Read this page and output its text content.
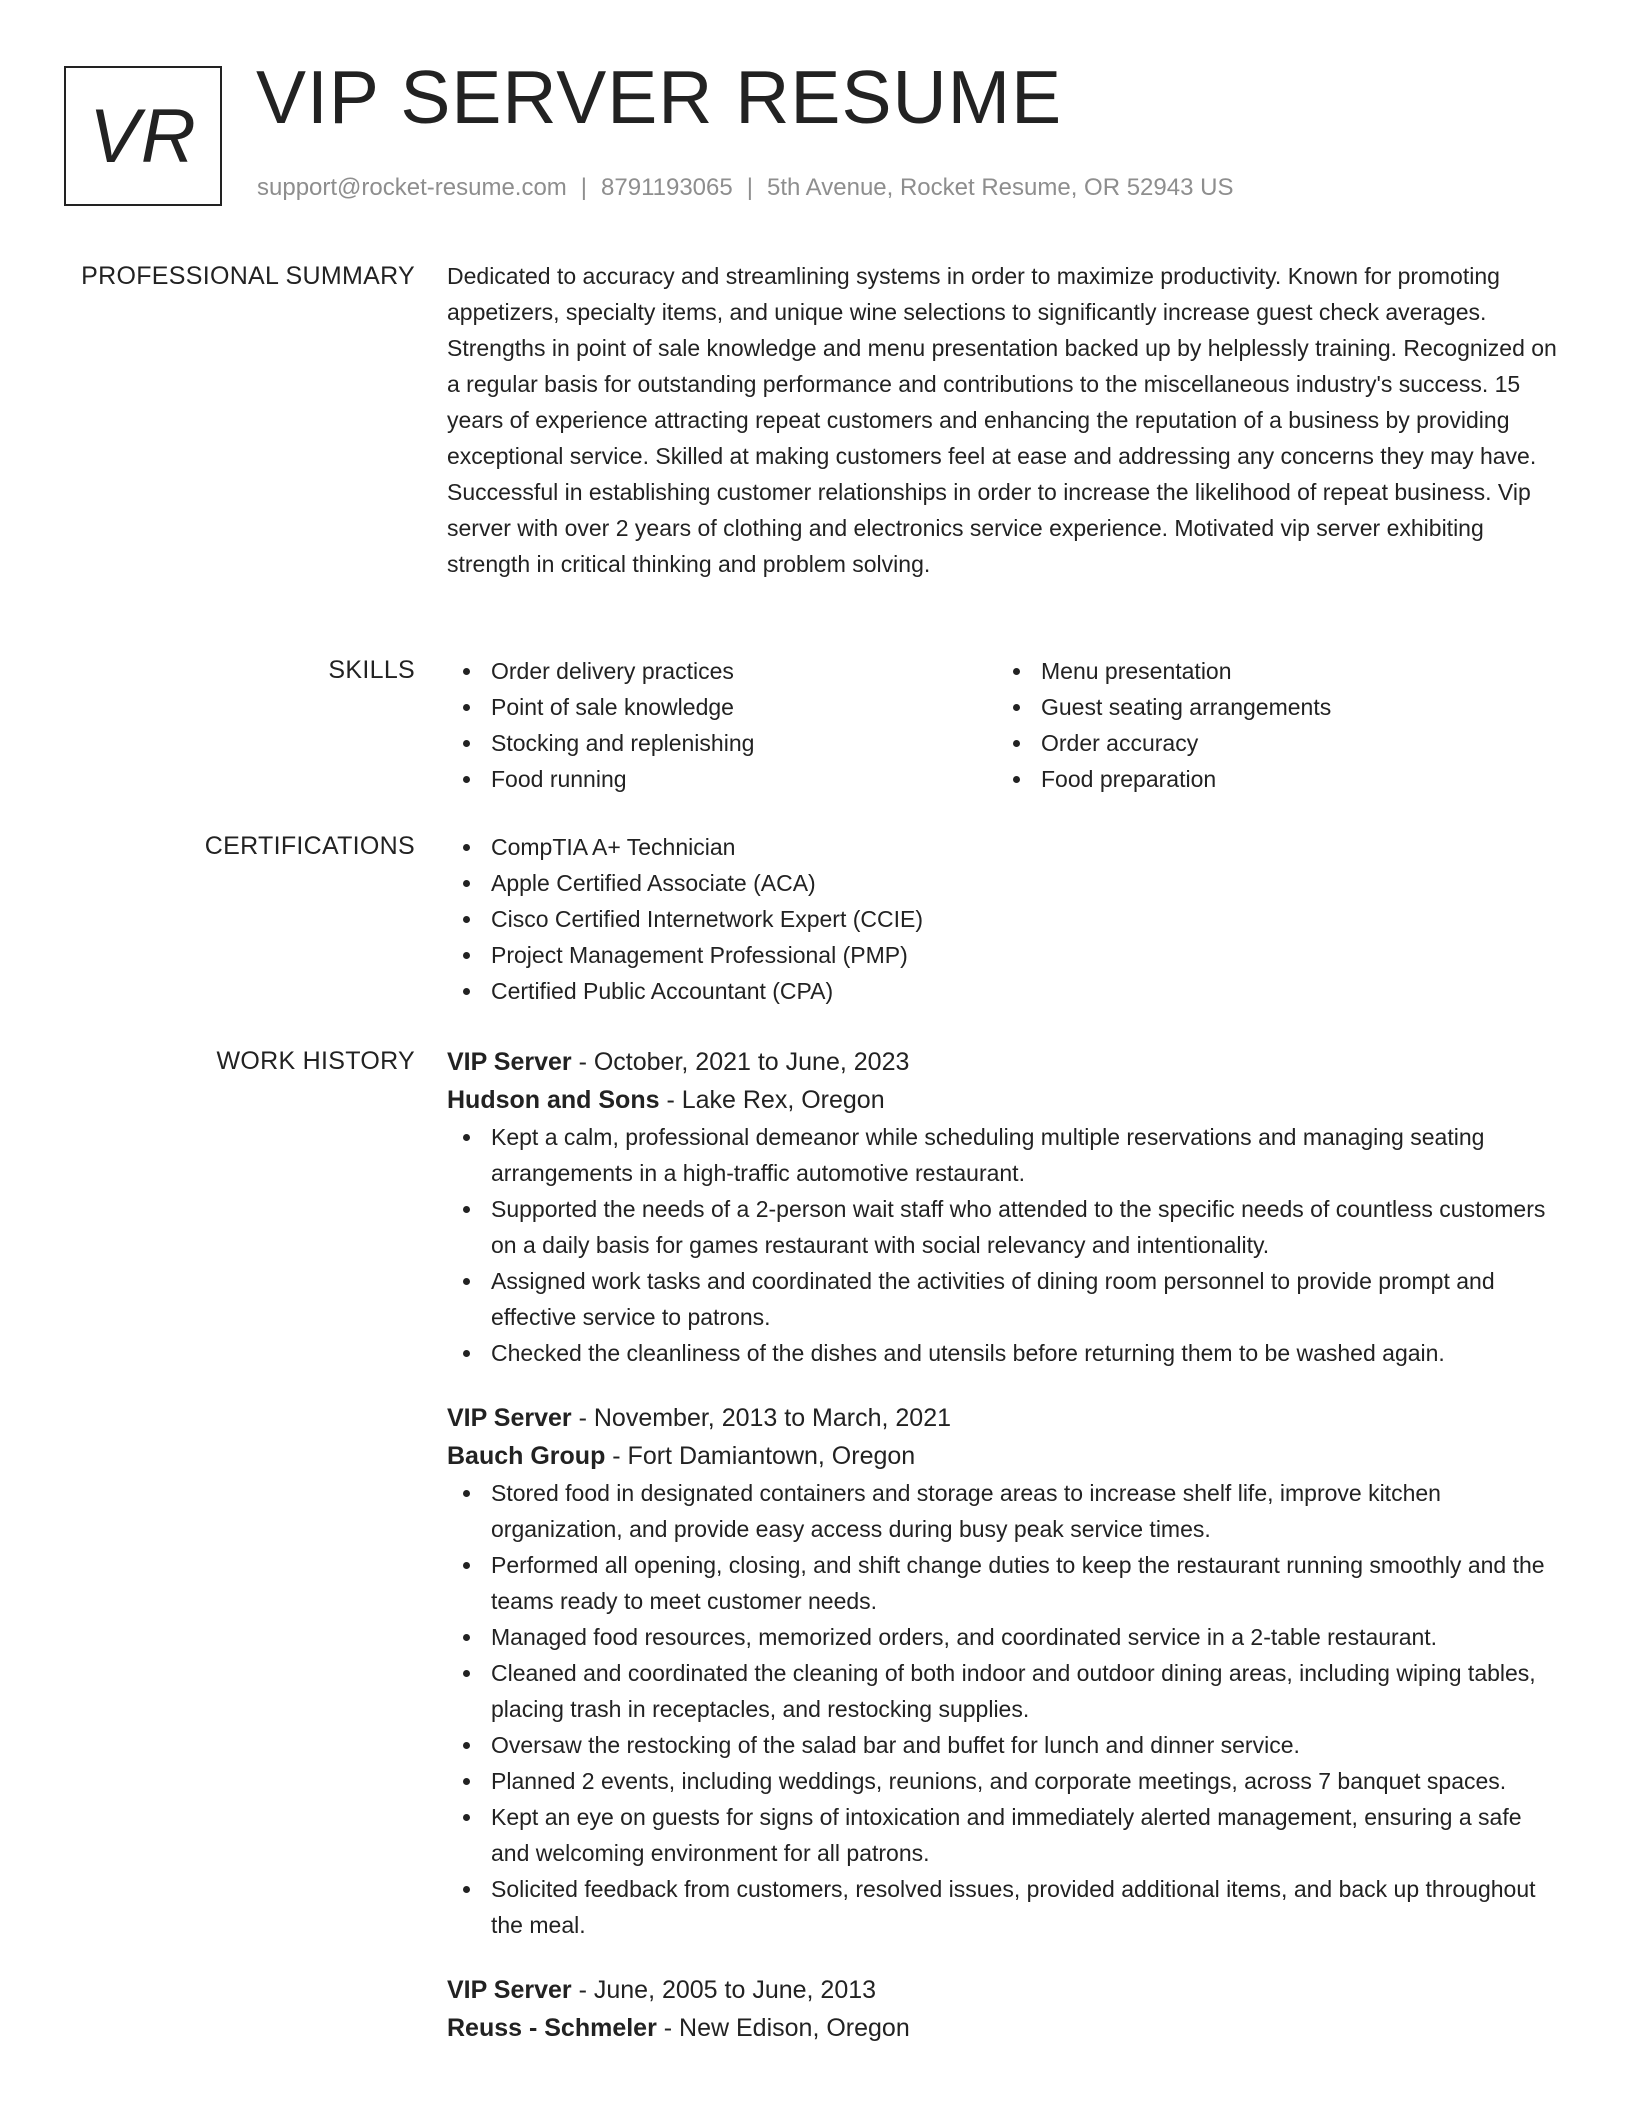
VR VIP SERVER RESUME
support@rocket-resume.com | 8791193065 | 5th Avenue, Rocket Resume, OR 52943 US
PROFESSIONAL SUMMARY Dedicated to accuracy and streamlining systems in order to maximize productivity. Known for promoting appetizers, specialty items, and unique wine selections to significantly increase guest check averages. Strengths in point of sale knowledge and menu presentation backed up by helplessly training. Recognized on a regular basis for outstanding performance and contributions to the miscellaneous industry's success. 15 years of experience attracting repeat customers and enhancing the reputation of a business by providing exceptional service. Skilled at making customers feel at ease and addressing any concerns they may have. Successful in establishing customer relationships in order to increase the likelihood of repeat business. Vip server with over 2 years of clothing and electronics service experience. Motivated vip server exhibiting strength in critical thinking and problem solving.

SKILLS	Order delivery practices
Point of sale knowledge
Stocking and replenishing
Food running
Menu presentation
Guest seating arrangements
Order accuracy
Food preparation
CERTIFICATIONS	CompTIA A+ Technician
Apple Certified Associate (ACA)
Cisco Certified Internetwork Expert (CCIE)
Project Management Professional (PMP)
Certified Public Accountant (CPA)
WORK HISTORY VIP Server - October, 2021 to June, 2023
Hudson and Sons - Lake Rex, Oregon
Kept a calm, professional demeanor while scheduling multiple reservations and managing seating arrangements in a high-traffic automotive restaurant.
Supported the needs of a 2-person wait staff who attended to the specific needs of countless customers on a daily basis for games restaurant with social relevancy and intentionality.
Assigned work tasks and coordinated the activities of dining room personnel to provide prompt and effective service to patrons.
Checked the cleanliness of the dishes and utensils before returning them to be washed again.
VIP Server - November, 2013 to March, 2021
Bauch Group - Fort Damiantown, Oregon
Stored food in designated containers and storage areas to increase shelf life, improve kitchen organization, and provide easy access during busy peak service times.
Performed all opening, closing, and shift change duties to keep the restaurant running smoothly and the teams ready to meet customer needs.
Managed food resources, memorized orders, and coordinated service in a 2-table restaurant.
Cleaned and coordinated the cleaning of both indoor and outdoor dining areas, including wiping tables, placing trash in receptacles, and restocking supplies.
Oversaw the restocking of the salad bar and buffet for lunch and dinner service.
Planned 2 events, including weddings, reunions, and corporate meetings, across 7 banquet spaces.
Kept an eye on guests for signs of intoxication and immediately alerted management, ensuring a safe and welcoming environment for all patrons.
Solicited feedback from customers, resolved issues, provided additional items, and back up throughout the meal.
VIP Server - June, 2005 to June, 2013
Reuss - Schmeler - New Edison, Oregon
